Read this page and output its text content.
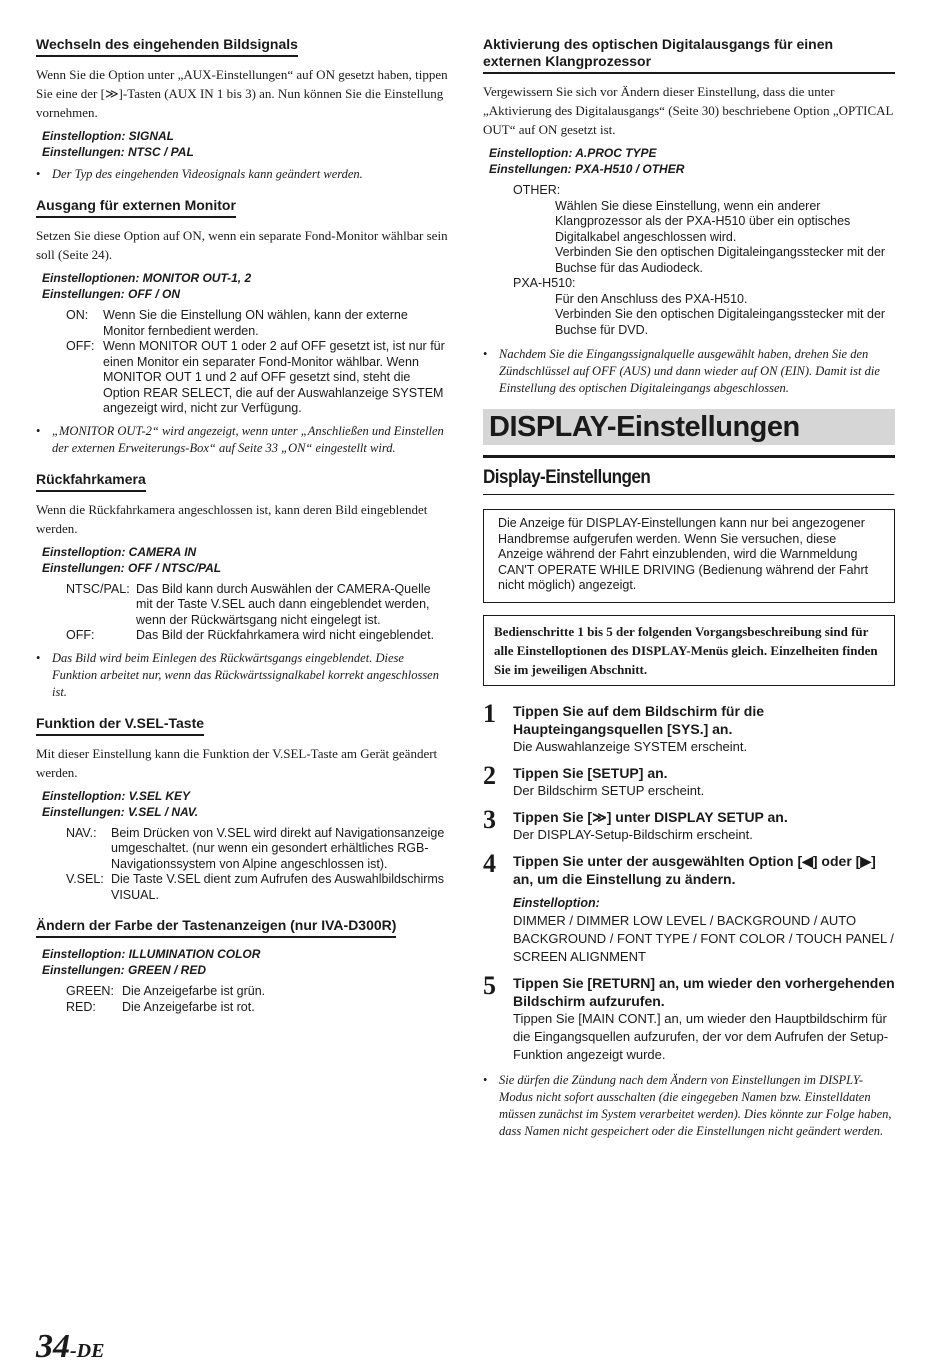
Wechseln des eingehenden Bildsignals

Wenn Sie die Option unter „AUX-Einstellungen“ auf ON gesetzt haben, tippen Sie eine der [≫]-Tasten (AUX IN 1 bis 3) an. Nun können Sie die Einstellung vornehmen.

Einstelloption: SIGNAL
Einstellungen: NTSC / PAL
• Der Typ des eingehenden Videosignals kann geändert werden.
Ausgang für externen Monitor

Setzen Sie diese Option auf ON, wenn ein separate Fond-Monitor wählbar sein soll (Seite 24).

Einstelloptionen: MONITOR OUT-1, 2
Einstellungen: OFF / ON
ON:	Wenn Sie die Einstellung ON wählen, kann der externe Monitor fernbedient werden.
OFF: Wenn MONITOR OUT 1 oder 2 auf OFF gesetzt ist, ist nur für einen Monitor ein separater Fond-Monitor wählbar. Wenn MONITOR OUT 1 und 2 auf OFF gesetzt sind, steht die Option REAR SELECT, die auf der Auswahlanzeige SYSTEM angezeigt wird, nicht zur Verfügung.
• „MONITOR OUT-2“ wird angezeigt, wenn unter „Anschließen und Einstellen der externen Erweiterungs-Box“ auf Seite 33 „ON“ eingestellt wird.
Rückfahrkamera

Wenn die Rückfahrkamera angeschlossen ist, kann deren Bild eingeblendet werden.

Einstelloption: CAMERA IN
Einstellungen: OFF / NTSC/PAL
NTSC/PAL: Das Bild kann durch Auswählen der CAMERA-Quelle mit der Taste V.SEL auch dann eingeblendet werden, wenn der Rückwärtsgang nicht eingelegt ist.
OFF:	Das Bild der Rückfahrkamera wird nicht eingeblendet.
• Das Bild wird beim Einlegen des Rückwärtsgangs eingeblendet. Diese Funktion arbeitet nur, wenn das Rückwärtssignalkabel korrekt angeschlossen ist.
Funktion der V.SEL-Taste

Mit dieser Einstellung kann die Funktion der V.SEL-Taste am Gerät geändert werden.

Einstelloption: V.SEL KEY
Einstellungen: V.SEL / NAV.
NAV.:	Beim Drücken von V.SEL wird direkt auf Navigationsanzeige umgeschaltet. (nur wenn ein gesondert erhältliches RGB-Navigationssystem von Alpine angeschlossen ist).
V.SEL: Die Taste V.SEL dient zum Aufrufen des Auswahlbildschirms VISUAL.
Ändern der Farbe der Tastenanzeigen (nur IVA-D300R)
Einstelloption: ILLUMINATION COLOR
Einstellungen: GREEN / RED
GREEN: Die Anzeigefarbe ist grün.
RED:	Die Anzeigefarbe ist rot.
Aktivierung des optischen Digitalausgangs für einen externen Klangprozessor

Vergewissern Sie sich vor Ändern dieser Einstellung, dass die unter „Aktivierung des Digitalausgangs“ (Seite 30) beschriebene Option „OPTICAL OUT“ auf ON gesetzt ist.

Einstelloption: A.PROC TYPE
Einstellungen: PXA-H510 / OTHER
OTHER:
Wählen Sie diese Einstellung, wenn ein anderer Klangprozessor als der PXA-H510 über ein optisches Digitalkabel angeschlossen wird.
Verbinden Sie den optischen Digitaleingangsstecker mit der Buchse für das Audiodeck.
PXA-H510:
Für den Anschluss des PXA-H510.
Verbinden Sie den optischen Digitaleingangsstecker mit der Buchse für DVD.
• Nachdem Sie die Eingangssignalquelle ausgewählt haben, drehen Sie den Zündschlüssel auf OFF (AUS) und dann wieder auf ON (EIN). Damit ist die Einstellung des optischen Digitaleingangs abgeschlossen.
DISPLAY-Einstellungen
Display-Einstellungen
Die Anzeige für DISPLAY-Einstellungen kann nur bei angezogener Handbremse aufgerufen werden. Wenn Sie versuchen, diese Anzeige während der Fahrt einzublenden, wird die Warnmeldung CAN'T OPERATE WHILE DRIVING (Bedienung während der Fahrt nicht möglich) angezeigt.
Bedienschritte 1 bis 5 der folgenden Vorgangsbeschreibung sind für alle Einstelloptionen des DISPLAY-Menüs gleich. Einzelheiten finden Sie im jeweiligen Abschnitt.
1	Tippen Sie auf dem Bildschirm für die Haupteingangsquellen [SYS.] an.
Die Auswahlanzeige SYSTEM erscheint.
2	Tippen Sie [SETUP] an.
Der Bildschirm SETUP erscheint.
3	Tippen Sie [≫] unter DISPLAY SETUP an.
Der DISPLAY-Setup-Bildschirm erscheint.
4	Tippen Sie unter der ausgewählten Option [◀] oder [▶] an, um die Einstellung zu ändern.
Einstelloption:
DIMMER / DIMMER LOW LEVEL / BACKGROUND / AUTO BACKGROUND / FONT TYPE / FONT COLOR / TOUCH PANEL / SCREEN ALIGNMENT
5	Tippen Sie [RETURN] an, um wieder den vorhergehenden Bildschirm aufzurufen.
Tippen Sie [MAIN CONT.] an, um wieder den Hauptbildschirm für die Eingangsquellen aufzurufen, der vor dem Aufrufen der Setup-Funktion angezeigt wurde.
• Sie dürfen die Zündung nach dem Ändern von Einstellungen im DISPLY-Modus nicht sofort ausschalten (die eingegeben Namen bzw. Einstelldaten müssen zunächst im System verarbeitet werden). Dies könnte zur Folge haben, dass Namen nicht gespeichert oder die Einstellungen nicht geändert werden.
34-DE
